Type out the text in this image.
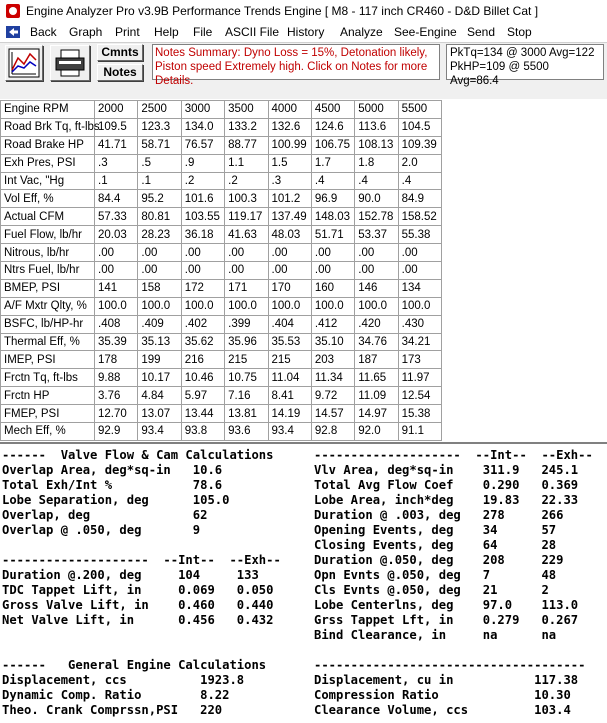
Engine Analyzer Pro v3.9B Performance Trends Engine [ M8 - 117 inch CR460 - D&D Billet Cat ]
Back Graph Print Help File ASCII File History Analyze See-Engine Send Stop
Cmnts
Notes
Notes Summary: Dyno Loss = 15%, Detonation likely, Piston speed Extremely high. Click on Notes for more Details.
PkTq=134 @ 3000 Avg=122
PkHP=109 @ 5500 Avg=86.4
Engine RPM	2000	2500	3000	3500	4000	4500	5000	5500
Road Brk Tq, ft-lbs	109.5	123.3	134.0	133.2	132.6	124.6	113.6	104.5
Road Brake HP	41.71	58.71	76.57	88.77	100.99	106.75	108.13	109.39
Exh Pres, PSI	.3	.5	.9	1.1	1.5	1.7	1.8	2.0
Int Vac, "Hg	.1	.1	.2	.2	.3	.4	.4	.4
Vol Eff, %	84.4	95.2	101.6	100.3	101.2	96.9	90.0	84.9
Actual CFM	57.33	80.81	103.55	119.17	137.49	148.03	152.78	158.52
Fuel Flow, lb/hr	20.03	28.23	36.18	41.63	48.03	51.71	53.37	55.38
Nitrous, lb/hr	.00	.00	.00	.00	.00	.00	.00	.00
Ntrs Fuel, lb/hr	.00	.00	.00	.00	.00	.00	.00	.00
BMEP, PSI	141	158	172	171	170	160	146	134
A/F Mxtr Qlty, %	100.0	100.0	100.0	100.0	100.0	100.0	100.0	100.0
BSFC, lb/HP-hr	.408	.409	.402	.399	.404	.412	.420	.430
Thermal Eff, %	35.39	35.13	35.62	35.96	35.53	35.10	34.76	34.21
IMEP, PSI	178	199	216	215	215	203	187	173
Frctn Tq, ft-lbs	9.88	10.17	10.46	10.75	11.04	11.34	11.65	11.97
Frctn HP	3.76	4.84	5.97	7.16	8.41	9.72	11.09	12.54
FMEP, PSI	12.70	13.07	13.44	13.81	14.19	14.57	14.97	15.38
Mech Eff, %	92.9	93.4	93.8	93.6	93.4	92.8	92.0	91.1
------  Valve Flow & Cam Calculations
Overlap Area, deg*sq-in   10.6
Total Exh/Int %           78.6
Lobe Separation, deg      105.0
Overlap, deg              62
Overlap @ .050, deg       9
--------------------  --Int--  --Exh--
Duration @.200, deg     104     133
TDC Tappet Lift, in     0.069   0.050
Gross Valve Lift, in    0.460   0.440
Net Valve Lift, in      0.456   0.432
------   General Engine Calculations
Displacement, ccs          1923.8
Dynamic Comp. Ratio        8.22
Theo. Crank Comprssn,PSI   220
--------------------  --Int--  --Exh--
Vlv Area, deg*sq-in    311.9   245.1
Total Avg Flow Coef    0.290   0.369
Lobe Area, inch*deg    19.83   22.33
Duration @ .003, deg   278     266
Opening Events, deg    34      57
Closing Events, deg    64      28
Duration @.050, deg    208     229
Opn Evnts @.050, deg   7       48
Cls Evnts @.050, deg   21      2
Lobe Centerlns, deg    97.0    113.0
Grss Tappet Lft, in    0.279   0.267
Bind Clearance, in     na      na
-------------------------------------
Displacement, cu in           117.38
Compression Ratio             10.30
Clearance Volume, ccs         103.4
